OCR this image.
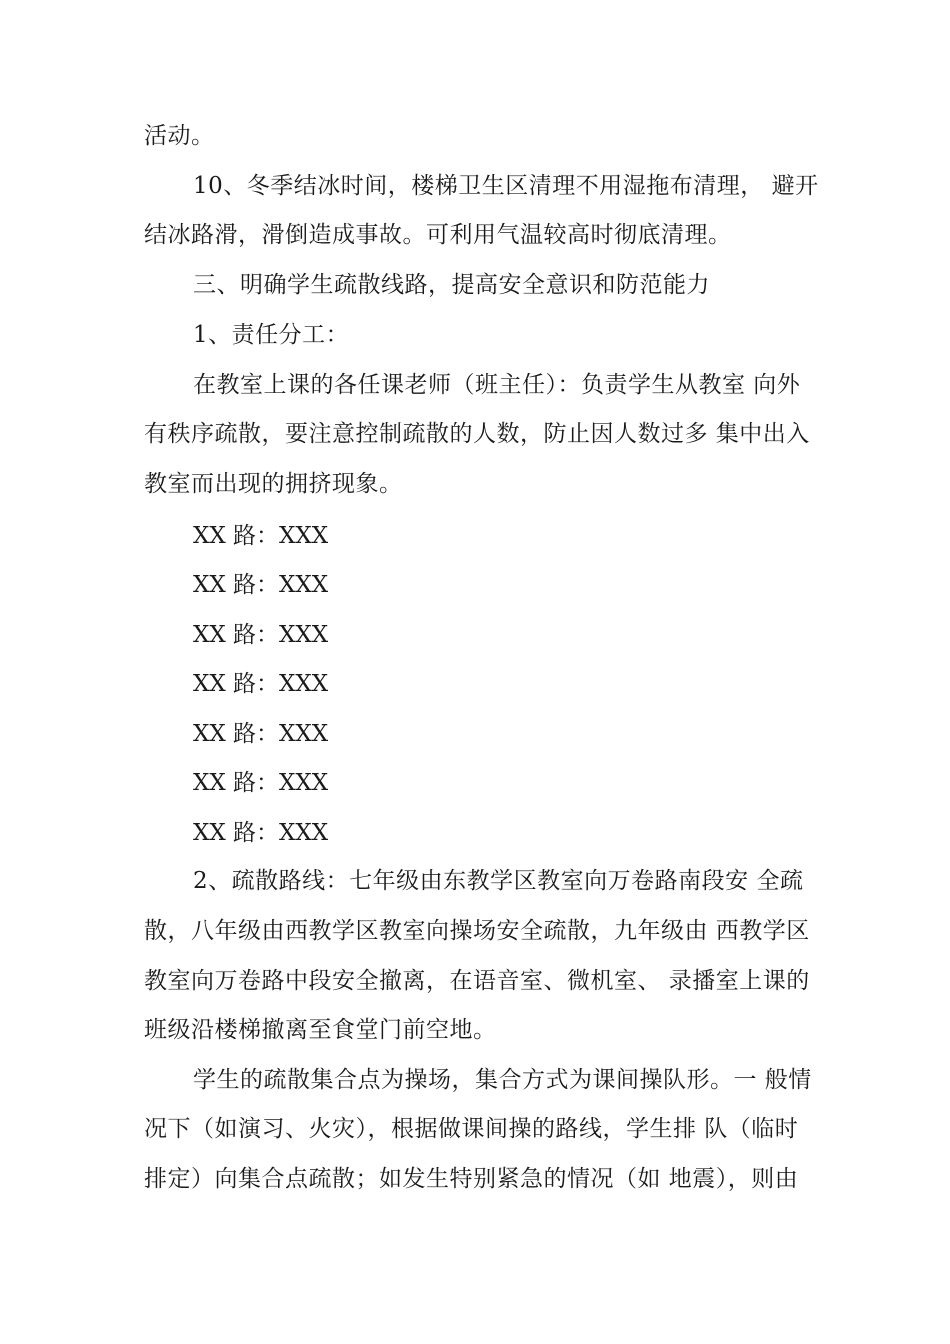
活动。
10、冬季结冰时间，楼梯卫生区清理不用湿拖布清理， 避开
结冰路滑，滑倒造成事故。可利用气温较高时彻底清理。
三、明确学生疏散线路，提高安全意识和防范能力
1、责任分工：
在教室上课的各任课老师（班主任）：负责学生从教室 向外
有秩序疏散，要注意控制疏散的人数，防止因人数过多 集中出入
教室而出现的拥挤现象。
XX 路：XXX
XX 路：XXX
XX 路：XXX
XX 路：XXX
XX 路：XXX
XX 路：XXX
XX 路：XXX
2、疏散路线：七年级由东教学区教室向万卷路南段安 全疏
散，八年级由西教学区教室向操场安全疏散，九年级由 西教学区
教室向万卷路中段安全撤离，在语音室、微机室、 录播室上课的
班级沿楼梯撤离至食堂门前空地。
学生的疏散集合点为操场，集合方式为课间操队形。一 般情
况下（如演习、火灾），根据做课间操的路线，学生排 队（临时
排定）向集合点疏散；如发生特别紧急的情况（如 地震），则由
